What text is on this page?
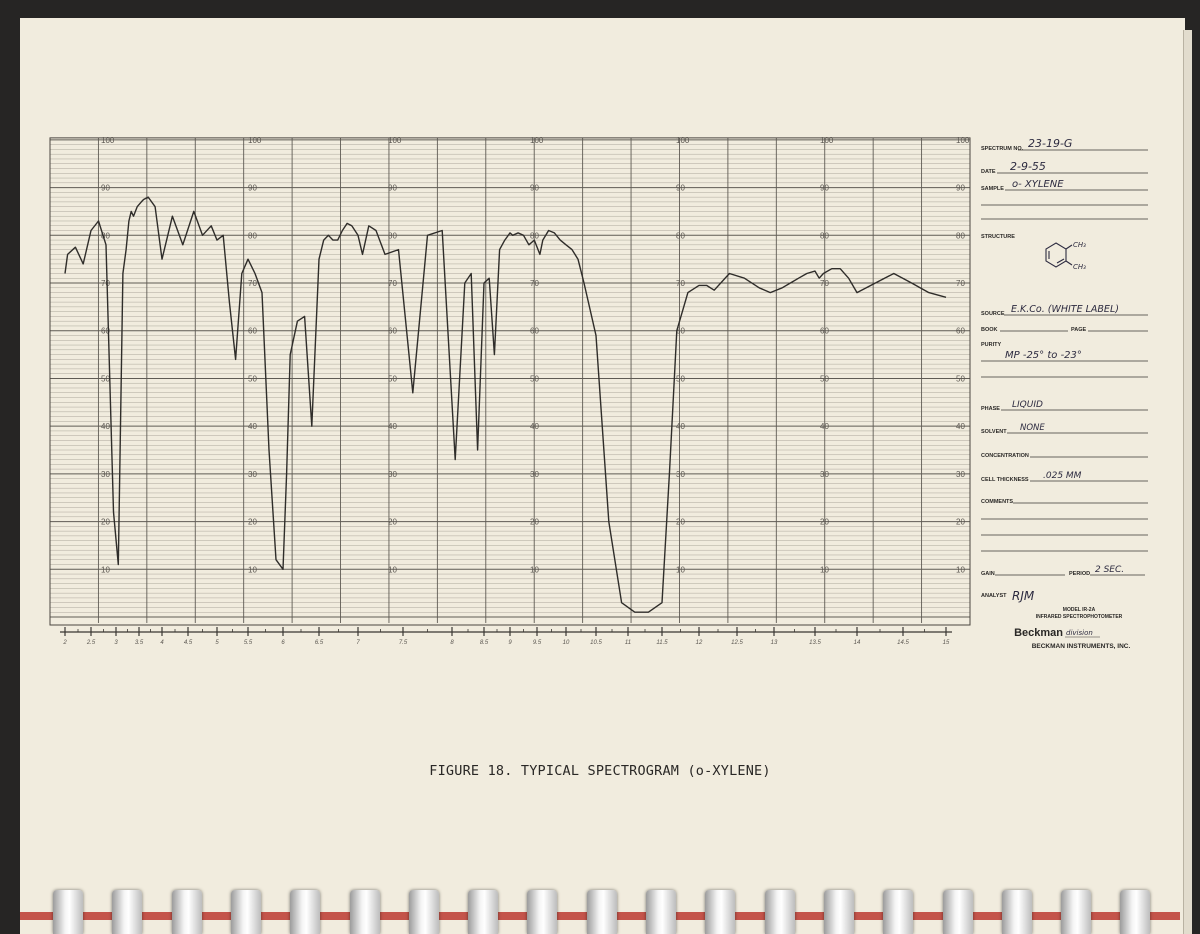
10
20
30
40
50
60
70
80
90
100
10
20
30
40
50
60
70
80
90
100
10
20
30
40
50
60
70
80
90
100
10
20
30
40
50
60
70
80
90
100
10
20
30
40
50
60
70
80
90
100
10
20
30
40
50
60
70
80
90
100
10
20
30
40
50
60
70
80
90
100
2	2.5	3	3.5	4	4.5	5	5.5	6	6.5	7	7.5	8	8.5	9	9.5	10	10.5	11	11.5	12	12.5	13	13.5	14	14.5	15
SPECTRUM NO. 23-19-G
DATE 2-9-55
SAMPLE o- XYLENE
STRUCTURE
CH₃
CH₃
SOURCE E.K.Co. (WHITE LABEL)
BOOK	PAGE
PURITY
MP -25° to -23°
PHASE LIQUID
SOLVENT NONE
CONCENTRATION
CELL THICKNESS .025 MM
COMMENTS
GAIN	PERIOD 2 SEC.
ANALYST RJM
MODEL IR-2A
INFRARED SPECTROPHOTOMETER
Beckman division
BECKMAN INSTRUMENTS, INC.
FIGURE 18. TYPICAL SPECTROGRAM (o-XYLENE)
